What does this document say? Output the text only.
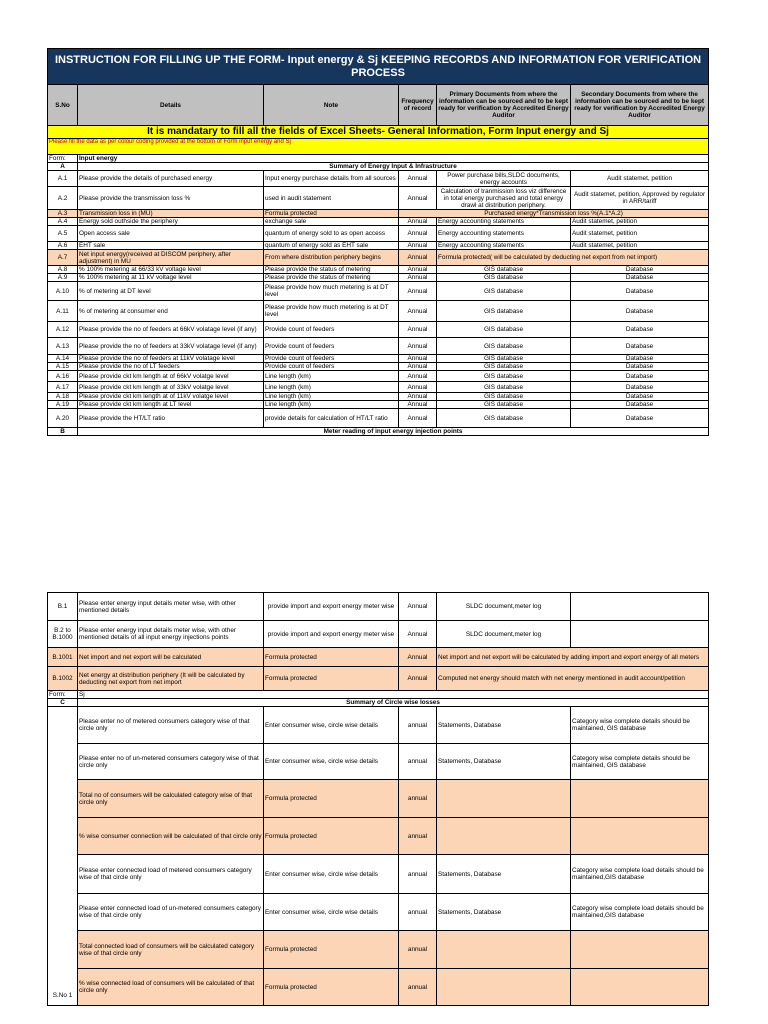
INSTRUCTION FOR FILLING UP THE FORM- Input energy & Sj KEEPING RECORDS AND INFORMATION FOR VERIFICATION PROCESS					
S.No	Details	Note	Frequency of record	Primary Documents from where the information can be sourced and to be kept ready for verification by Accredited Energy Auditor	Secondary Documents from where the information can be sourced and to be kept ready for verification by Accredited Energy Auditor
It is mandatary to fill all the fields of Excel Sheets- General Information, Form Input energy and Sj					
Please fill the data as per colour coding provided at the bottom of Form input energy and Sj					
Form:	Input energy				
A	Summary of Energy Input & Infrastructure				
A.1	Please provide the details of purchased energy	Input energy purchase details from all sources	Annual	Power purchase bills,SLDC documents, energy accounts	Audit statemet, petition
A.2	Please provide the transmission loss %	used in audit statement	Annual	Calculation of tranmission loss viz difference in total energy purchased and total energy drawl at distribution periphery.	Audit statemet, petition, Approved by regulator in ARR/tariff
A.3	Transmission loss in (MU)	Formula protected	Purchased energy*Transmission loss %(A.1*A.2)		
A.4	Energy sold outhside the periphery	exchange sale	Annual	Energy accounting statements	Audit statemet, petition
A.5	Open access sale	quantum of energy sold to as open access	Annual	Energy accounting statements	Audit statemet, petition
A.6	EHT sale	quantum of energy sold as EHT sale	Annual	Energy accounting statements	Audit statemet, petition
A.7	Net input energy(received at DISCOM periphery, after adjustment) in MU	From where distribution periphery begins	Annual	Formula protected( will be calculated by deducting net export from net import)	
A.8	% 100% metering at 66/33 kV voltage level	Please provide the status of metering	Annual	GIS database	Database
A.9	% 100% metering at 11 kV voltage level	Please provide the status of metering	Annual	GIS database	Database
A.10	% of metering at DT level	Please provide how much metering is at DT level	Annual	GIS database	Database
A.11	% of metering at consumer end	Please provide how much metering is at DT level	Annual	GIS database	Database
A.12	Please provide the no of feeders at 66kV volatage level (if any)	Provide count of feeders	Annual	GIS database	Database
A.13	Please provide the no of feeders at 33kV volatage level (if any)	Provide count of feeders	Annual	GIS database	Database
A.14	Please provide the no of feeders at 11kV volatage level	Provide count of feeders	Annual	GIS database	Database
A.15	Please provide the no of LT feeders	Provide count of feeders	Annual	GIS database	Database
A.16	Please provide ckt km length at of 66kV volatge level	Line length (km)	Annual	GIS database	Database
A.17	Please provide ckt km length at of 33kV volatge level	Line length (km)	Annual	GIS database	Database
A.18	Please provide ckt km length at of 11kV volatge level	Line length (km)	Annual	GIS database	Database
A.19	Please provide ckt km length at LT level	Line length (km)	Annual	GIS database	Database
A.20	Please provide the HT/LT ratio	provide details for calculation of HT/LT ratio	Annual	GIS database	Database
B	Meter reading of input energy injection points				
B.1	Please enter energy input details meter wise, with other mentioned details	provide import and export energy meter wise	Annual	SLDC document,meter log	
B.2 to B.1000	Please enter energy input details meter wise, with other mentioned details of all input energy injections points	provide import and export energy meter wise	Annual	SLDC document,meter log	
B.1001	Net import and net export will be calculated	Formula protected	Annual	Net import and net export will be calculated by adding import and export energy of all meters	
B.1002	Net energy at distribution periphery (It will be calculated by deducting net export from net import	Formula protected	Annual	Computed net energy should match with net energy mentioned in audit account/petition	
Form:	Sj				
C	Summary of Circle wise losses				
S.No 1	Please enter no of metered consumers category wise of that circle only	Enter consumer wise, circle wise details	annual	Statements, Database	Category wise complete details should be maintained, GIS database
	Please enter no of un-metered consumers category wise of that circle only	Enter consumer wise, circle wise details	annual	Statements, Database	Category wise complete details should be maintained, GIS database
	Total no of consumers will be calculated category wise of that circle only	Formula protected	annual		
	% wise consumer connection will be calculated of that circle only	Formula protected	annual		
	Please enter connected load of metered consumers category wise of that circle only	Enter consumer wise, circle wise details	annual	Statements, Database	Category wise complete load details should be maintained,GIS database
	Please enter connected load of un-metered consumers category wise of that circle only	Enter consumer wise, circle wise details	annual	Statements, Database	Category wise complete load details should be maintained,GIS database
	Total connected load of consumers will be calculated category wise of that circle only	Formula protected	annual		
	% wise connected load of consumers will be calculated of that circle only	Formula protected	annual		
